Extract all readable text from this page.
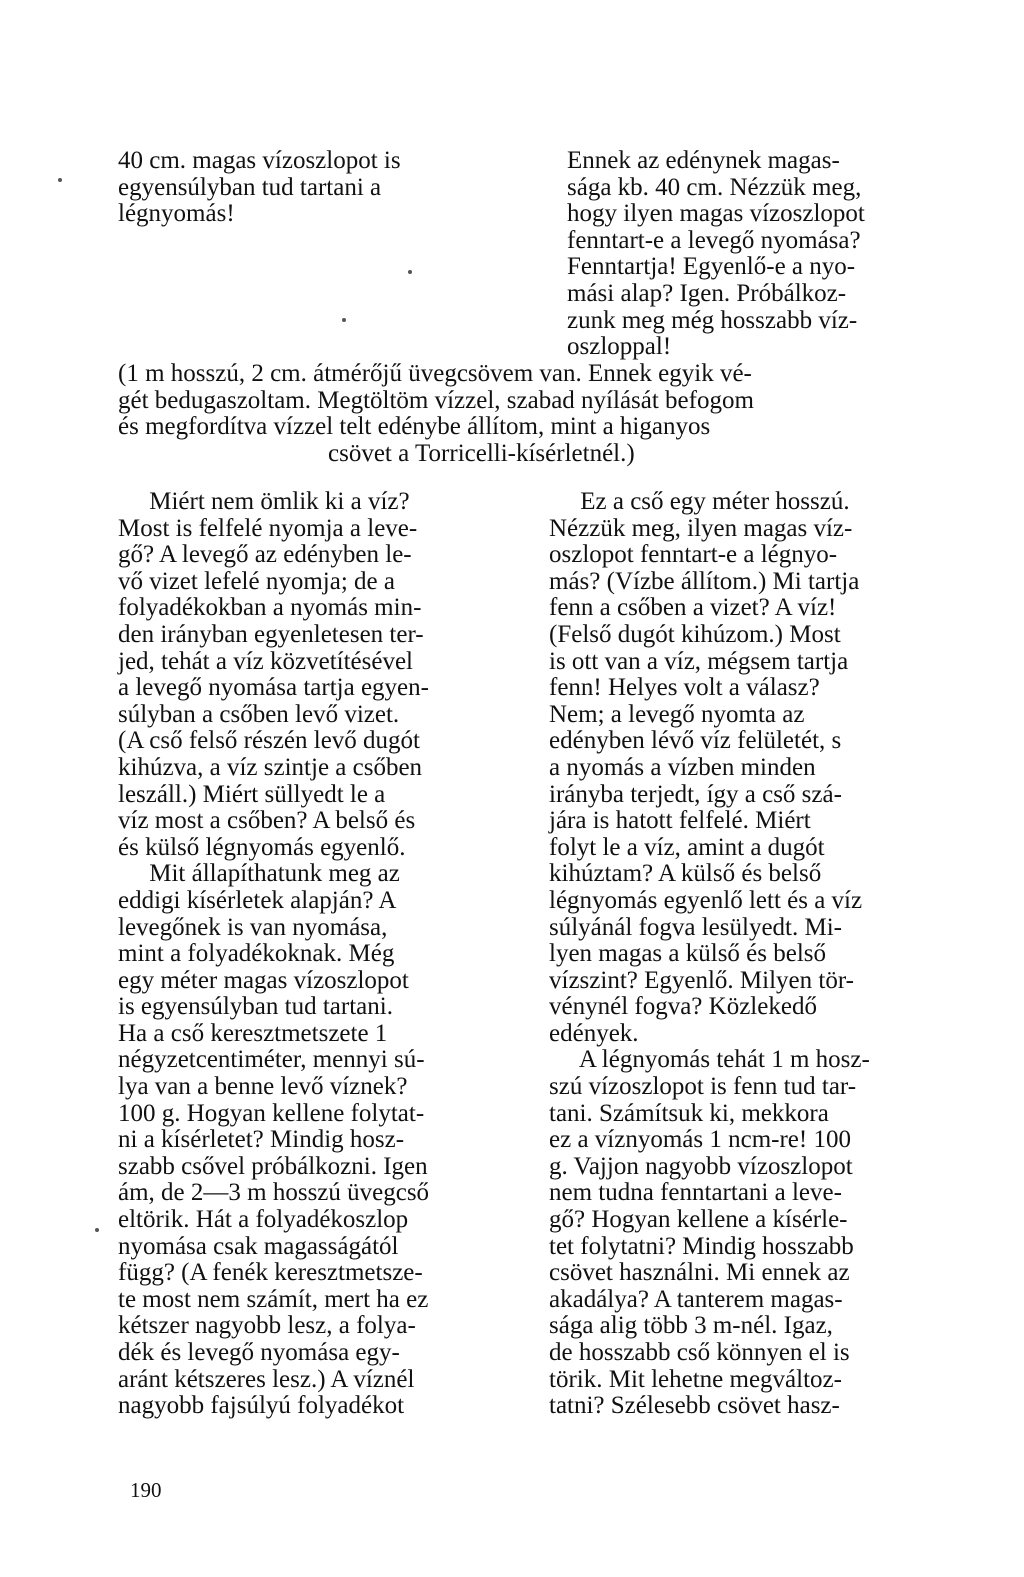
40 cm. magas vízoszlopot is
egyensúlyban tud tartani a
légnyomás!
Ennek az edénynek magas-
sága kb. 40 cm. Nézzük meg,
hogy ilyen magas vízoszlopot
fenntart-e a levegő nyomása?
Fenntartja! Egyenlő-e a nyo-
mási alap? Igen. Próbálkoz-
zunk meg még hosszabb víz-
oszloppal!
(1 m hosszú, 2 cm. átmérőjű üvegcsövem van. Ennek egyik vé-
gét bedugaszoltam. Megtöltöm vízzel, szabad nyílását befogom
és megfordítva vízzel telt edénybe állítom, mint a higanyos
csövet a Torricelli-kísérletnél.)
  Miért nem ömlik ki a víz?
Most is felfelé nyomja a leve-
gő? A levegő az edényben le-
vő vizet lefelé nyomja; de a
folyadékokban a nyomás min-
den irányban egyenletesen ter-
jed, tehát a víz közvetítésével
a levegő nyomása tartja egyen-
súlyban a csőben levő vizet.
(A cső felső részén levő dugót
kihúzva, a víz szintje a csőben
leszáll.) Miért süllyedt le a
víz most a csőben? A belső és
és külső légnyomás egyenlő.
  Mit állapíthatunk meg az
eddigi kísérletek alapján? A
levegőnek is van nyomása,
mint a folyadékoknak. Még
egy méter magas vízoszlopot
is egyensúlyban tud tartani.
Ha a cső keresztmetszete 1
négyzetcentiméter, mennyi sú-
lya van a benne levő víznek?
100 g. Hogyan kellene folytat-
ni a kísérletet? Mindig hosz-
szabb csővel próbálkozni. Igen
ám, de 2—3 m hosszú üvegcső
eltörik. Hát a folyadékoszlop
nyomása csak magasságától
függ? (A fenék keresztmetsze-
te most nem számít, mert ha ez
kétszer nagyobb lesz, a folya-
dék és levegő nyomása egy-
aránt kétszeres lesz.) A víznél
nagyobb fajsúlyú folyadékot
  Ez a cső egy méter hosszú.
Nézzük meg, ilyen magas víz-
oszlopot fenntart-e a légnyo-
más? (Vízbe állítom.) Mi tartja
fenn a csőben a vizet? A víz!
(Felső dugót kihúzom.) Most
is ott van a víz, mégsem tartja
fenn! Helyes volt a válasz?
Nem; a levegő nyomta az
edényben lévő víz felületét, s
a nyomás a vízben minden
irányba terjedt, így a cső szá-
jára is hatott felfelé. Miért
folyt le a víz, amint a dugót
kihúztam? A külső és belső
légnyomás egyenlő lett és a víz
súlyánál fogva lesülyedt. Mi-
lyen magas a külső és belső
vízszint? Egyenlő. Milyen tör-
vénynél fogva? Közlekedő
edények.
  A légnyomás tehát 1 m hosz-
szú vízoszlopot is fenn tud tar-
tani. Számítsuk ki, mekkora
ez a víznyomás 1 ncm-re! 100
g. Vajjon nagyobb vízoszlopot
nem tudna fenntartani a leve-
gő? Hogyan kellene a kísérle-
tet folytatni? Mindig hosszabb
csövet használni. Mi ennek az
akadálya? A tanterem magas-
sága alig több 3 m-nél. Igaz,
de hosszabb cső könnyen el is
törik. Mit lehetne megváltoz-
tatni? Szélesebb csövet hasz-
190
